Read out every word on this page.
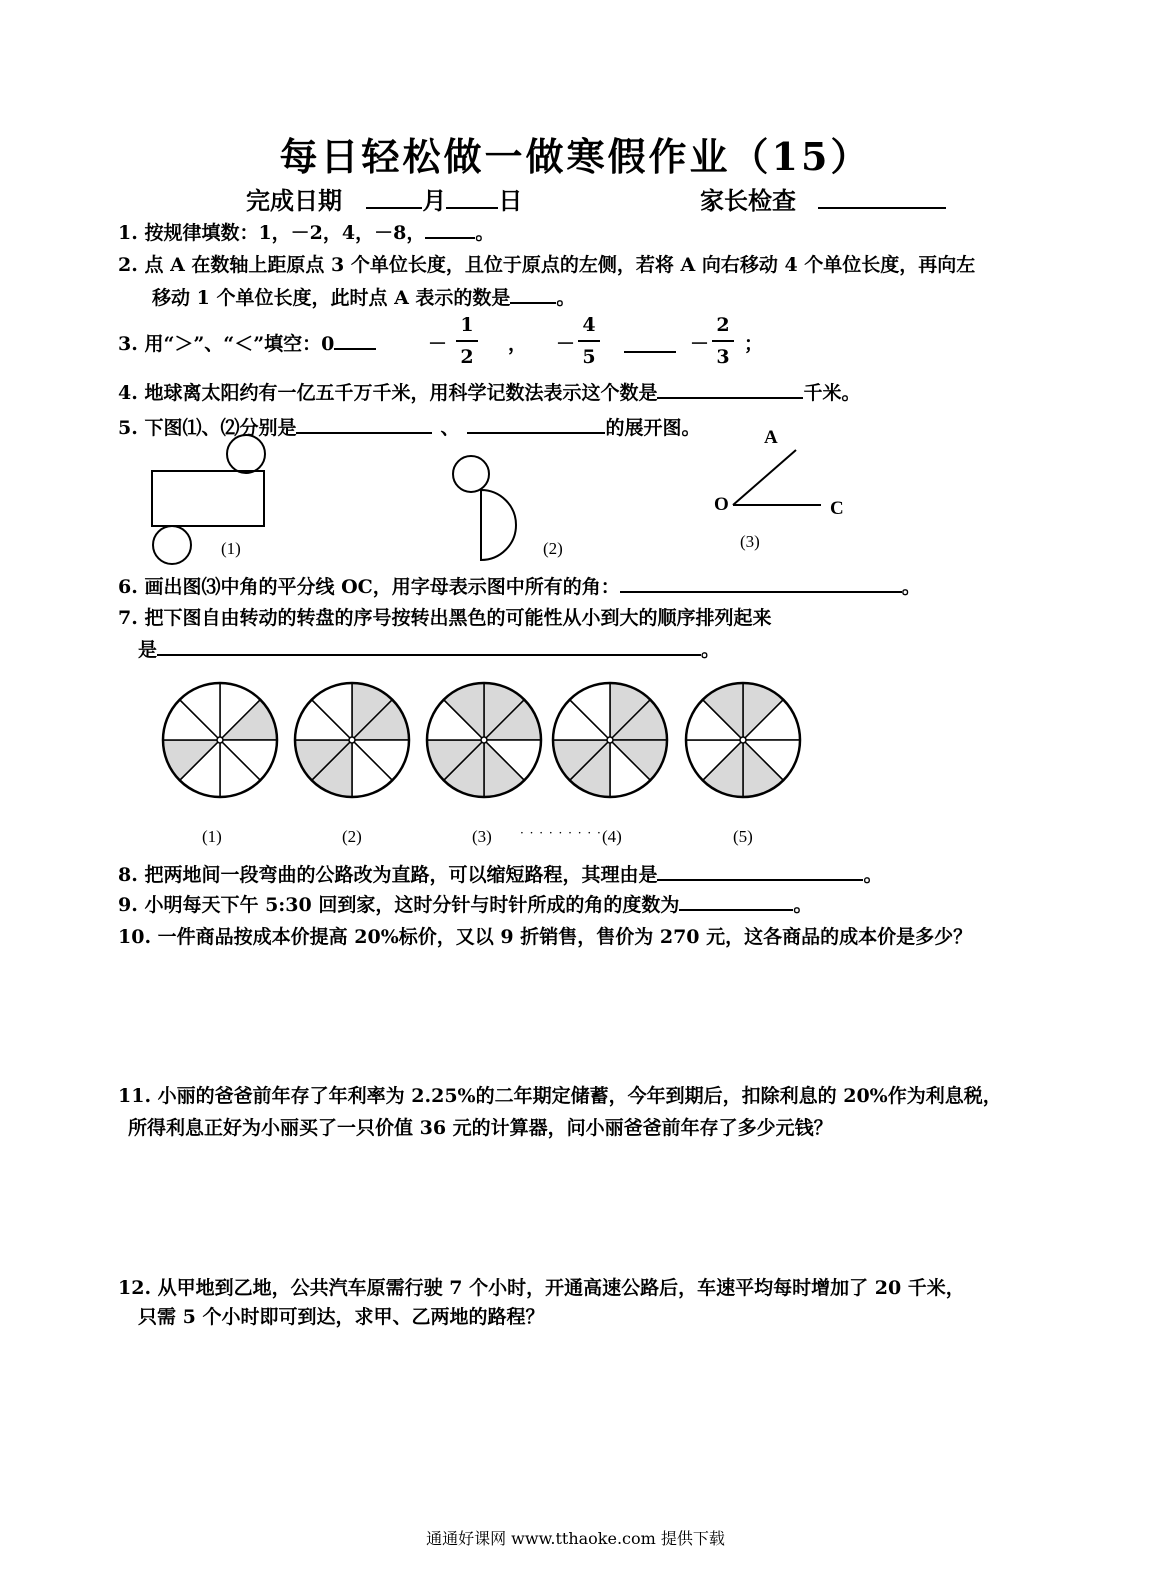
每日轻松做一做寒假作业（15）
完成日期	月 日	家长检查
1. 按规律填数：1，－2，4，－8，	。
2. 点 A 在数轴上距原点 3 个单位长度，且位于原点的左侧，若将 A 向右移动 4 个单位长度，再向左
移动 1 个单位长度，此时点 A 表示的数是 。
3. 用“＞”、“＜”填空：0	－
1
2
， －
4
5
－
2
3
；
4. 地球离太阳约有一亿五千万千米，用科学记数法表示这个数是	千米。
5. 下图⑴、⑵分别是	、	的展开图。
(1)	(2)
A
O	C
(3)
6. 画出图⑶中角的平分线 OC，用字母表示图中所有的角：	。
7. 把下图自由转动的转盘的序号按转出黑色的可能性从小到大的顺序排列起来
是	。
(1)	(2)	(3)	(4)	(5)
· · · · · · · · ·
8. 把两地间一段弯曲的公路改为直路，可以缩短路程，其理由是	。
9. 小明每天下午 5:30 回到家，这时分针与时针所成的角的度数为	。
10. 一件商品按成本价提高 20%标价，又以 9 折销售，售价为 270 元，这各商品的成本价是多少？
11. 小丽的爸爸前年存了年利率为 2.25%的二年期定储蓄，今年到期后，扣除利息的 20%作为利息税，
所得利息正好为小丽买了一只价值 36 元的计算器，问小丽爸爸前年存了多少元钱？
12. 从甲地到乙地，公共汽车原需行驶 7 个小时，开通高速公路后，车速平均每时增加了 20 千米，
只需 5 个小时即可到达，求甲、乙两地的路程？
通通好课网 www.tthaoke.com 提供下载
